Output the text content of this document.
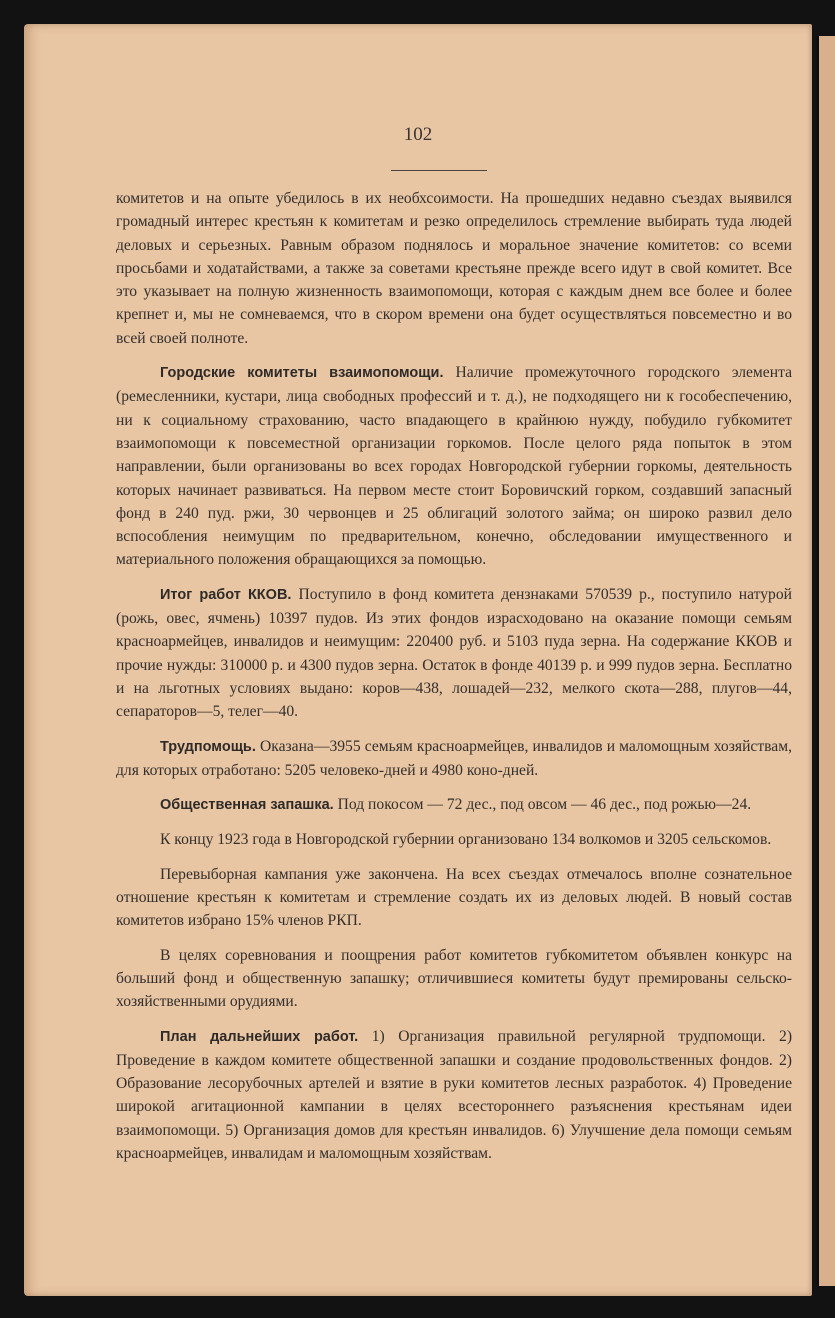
102

комитетов и на опыте убедилось в их необхсоимости. На прошедших недавно съездах выявился громадный интерес крестьян к комитетам и резко определилось стремление выбирать туда людей деловых и серьезных. Равным образом поднялось и моральное значение комитетов: со всеми просьбами и ходатайствами, а также за советами крестьяне прежде всего идут в свой комитет. Все это указывает на полную жизненность взаимопомощи, которая с каждым днем все более и более крепнет и, мы не сомневаемся, что в скором времени она будет осуществляться повсеместно и во всей своей полноте.

Городские комитеты взаимопомощи. Наличие промежуточного городского элемента (ремесленники, кустари, лица свободных профессий и т. д.), не подходящего ни к гособеспечению, ни к социальному страхованию, часто впадающего в крайнюю нужду, побудило губкомитет взаимопомощи к повсеместной организации горкомов. После целого ряда попыток в этом направлении, были организованы во всех городах Новгородской губернии горкомы, деятельность которых начинает развиваться. На первом месте стоит Боровичский горком, создавший запасный фонд в 240 пуд. ржи, 30 червонцев и 25 облигаций золотого займа; он широко развил дело вспособления неимущим по предварительном, конечно, обследовании имущественного и материального положения обращающихся за помощью.

Итог работ ККОВ. Поступило в фонд комитета дензнаками 570539 р., поступило натурой (рожь, овес, ячмень) 10397 пудов. Из этих фондов израсходовано на оказание помощи семьям красноармейцев, инвалидов и неимущим: 220400 руб. и 5103 пуда зерна. На содержание ККОВ и прочие нужды: 310000 р. и 4300 пудов зерна. Остаток в фонде 40139 р. и 999 пудов зерна. Бесплатно и на льготных условиях выдано: коров—438, лошадей—232, мелкого скота—288, плугов—44, сепараторов—5, телег—40.

Трудпомощь. Оказана—3955 семьям красноармейцев, инвалидов и маломощным хозяйствам, для которых отработано: 5205 человеко-дней и 4980 коно-дней.

Общественная запашка. Под покосом — 72 дес., под овсом — 46 дес., под рожью—24.

К концу 1923 года в Новгородской губернии организовано 134 волкомов и 3205 сельскомов.

Перевыборная кампания уже закончена. На всех съездах отмечалось вполне сознательное отношение крестьян к комитетам и стремление создать их из деловых людей. В новый состав комитетов избрано 15% членов РКП.

В целях соревнования и поощрения работ комитетов губкомитетом объявлен конкурс на больший фонд и общественную запашку; отличившиеся комитеты будут премированы сельско-хозяйственными орудиями.

План дальнейших работ. 1) Организация правильной регулярной трудпомощи. 2) Проведение в каждом комитете общественной запашки и создание продовольственных фондов. 2) Образование лесорубочных артелей и взятие в руки комитетов лесных разработок. 4) Проведение широкой агитационной кампании в целях всестороннего разъяснения крестьянам идеи взаимопомощи. 5) Организация домов для крестьян инвалидов. 6) Улучшение дела помощи семьям красноармейцев, инвалидам и маломощным хозяйствам.
